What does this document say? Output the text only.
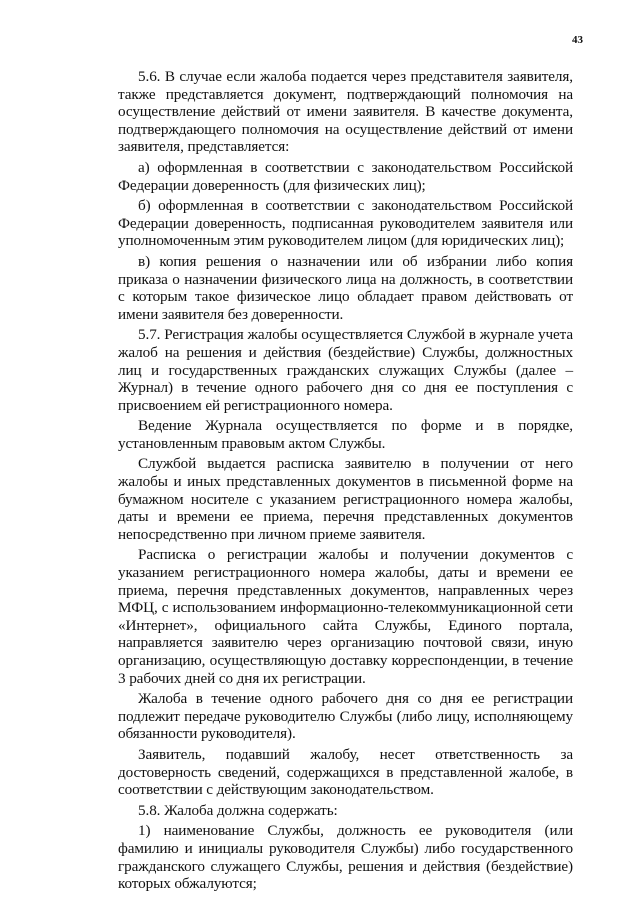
43

5.6. В случае если жалоба подается через представителя заявителя, также представляется документ, подтверждающий полномочия на осуществление действий от имени заявителя. В качестве документа, подтверждающего полномочия на осуществление действий от имени заявителя, представляется:

а) оформленная в соответствии с законодательством Российской Федерации доверенность (для физических лиц);

б) оформленная в соответствии с законодательством Российской Федерации доверенность, подписанная руководителем заявителя или уполномоченным этим руководителем лицом (для юридических лиц);

в) копия решения о назначении или об избрании либо копия приказа о назначении физического лица на должность, в соответствии с которым такое физическое лицо обладает правом действовать от имени заявителя без доверенности.

5.7. Регистрация жалобы осуществляется Службой в журнале учета жалоб на решения и действия (бездействие) Службы, должностных лиц и государственных гражданских служащих Службы (далее – Журнал) в течение одного рабочего дня со дня ее поступления с присвоением ей регистрационного номера.

Ведение Журнала осуществляется по форме и в порядке, установленным правовым актом Службы.

Службой выдается расписка заявителю в получении от него жалобы и иных представленных документов в письменной форме на бумажном носителе с указанием регистрационного номера жалобы, даты и времени ее приема, перечня представленных документов непосредственно при личном приеме заявителя.

Расписка о регистрации жалобы и получении документов с указанием регистрационного номера жалобы, даты и времени ее приема, перечня представленных документов, направленных через МФЦ, с использованием информационно-телекоммуникационной сети «Интернет», официального сайта Службы, Единого портала, направляется заявителю через организацию почтовой связи, иную организацию, осуществляющую доставку корреспонденции, в течение 3 рабочих дней со дня их регистрации.

Жалоба в течение одного рабочего дня со дня ее регистрации подлежит передаче руководителю Службы (либо лицу, исполняющему обязанности руководителя).

Заявитель, подавший жалобу, несет ответственность за достоверность сведений, содержащихся в представленной жалобе, в соответствии с действующим законодательством.

5.8. Жалоба должна содержать:

1) наименование Службы, должность ее руководителя (или фамилию и инициалы руководителя Службы) либо государственного гражданского служащего Службы, решения и действия (бездействие) которых обжалуются;
